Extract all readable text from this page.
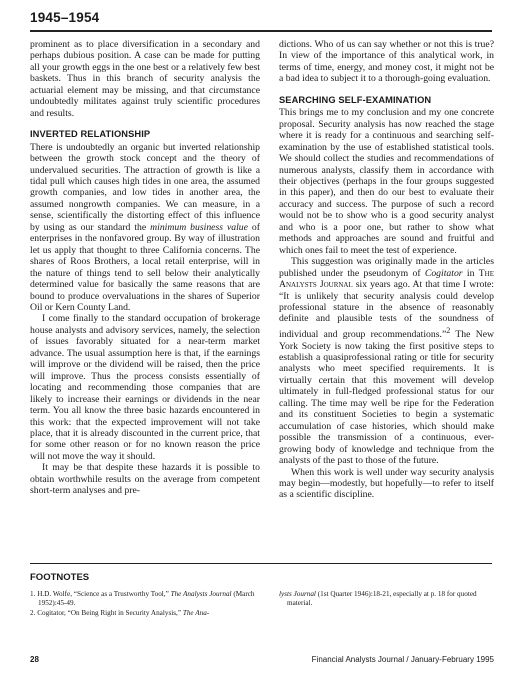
1945–1954

prominent as to place diversification in a secondary and perhaps dubious position. A case can be made for putting all your growth eggs in the one best or a relatively few best baskets. Thus in this branch of security analysis the actuarial element may be missing, and that circumstance undoubtedly militates against truly scientific procedures and results.

INVERTED RELATIONSHIP

There is undoubtedly an organic but inverted relationship between the growth stock concept and the theory of undervalued securities. The attraction of growth is like a tidal pull which causes high tides in one area, the assumed growth companies, and low tides in another area, the assumed nongrowth companies. We can measure, in a sense, scientifically the distorting effect of this influence by using as our standard the minimum business value of enterprises in the nonfavored group. By way of illustration let us apply that thought to three California concerns. The shares of Roos Brothers, a local retail enterprise, will in the nature of things tend to sell below their analytically determined value for basically the same reasons that are bound to produce overvaluations in the shares of Superior Oil or Kern County Land.

I come finally to the standard occupation of brokerage house analysts and advisory services, namely, the selection of issues favorably situated for a near-term market advance. The usual assumption here is that, if the earnings will improve or the dividend will be raised, then the price will improve. Thus the process consists essentially of locating and recommending those companies that are likely to increase their earnings or dividends in the near term. You all know the three basic hazards encountered in this work: that the expected improvement will not take place, that it is already discounted in the current price, that for some other reason or for no known reason the price will not move the way it should.

It may be that despite these hazards it is possible to obtain worthwhile results on the average from competent short-term analyses and pre-

dictions. Who of us can say whether or not this is true? In view of the importance of this analytical work, in terms of time, energy, and money cost, it might not be a bad idea to subject it to a thorough-going evaluation.

SEARCHING SELF-EXAMINATION

This brings me to my conclusion and my one concrete proposal. Security analysis has now reached the stage where it is ready for a continuous and searching self-examination by the use of established statistical tools. We should collect the studies and recommendations of numerous analysts, classify them in accordance with their objectives (perhaps in the four groups suggested in this paper), and then do our best to evaluate their accuracy and success. The purpose of such a record would not be to show who is a good security analyst and who is a poor one, but rather to show what methods and approaches are sound and fruitful and which ones fail to meet the test of experience.

This suggestion was originally made in the articles published under the pseudonym of Cogitator in The Analysts Journal six years ago. At that time I wrote: “It is unlikely that security analysis could develop professional stature in the absence of reasonably definite and plausible tests of the soundness of individual and group recommendations.”$^2$ The New York Society is now taking the first positive steps to establish a quasiprofessional rating or title for security analysts who meet specified requirements. It is virtually certain that this movement will develop ultimately in full-fledged professional status for our calling. The time may well be ripe for the Federation and its constituent Societies to begin a systematic accumulation of case histories, which should make possible the transmission of a continuous, ever-growing body of knowledge and technique from the analysts of the past to those of the future.

When this work is well under way security analysis may begin—modestly, but hopefully—to refer to itself as a scientific discipline.

FOOTNOTES

1. H.D. Wolfe, “Science as a Trustworthy Tool,” The Analysts Journal (March 1952):45-49.

2. Cogitator, “On Being Right in Security Analysis,” The Ana-

lysts Journal (1st Quarter 1946):18-21, especially at p. 18 for quoted material.

28	Financial Analysts Journal / January-February 1995
